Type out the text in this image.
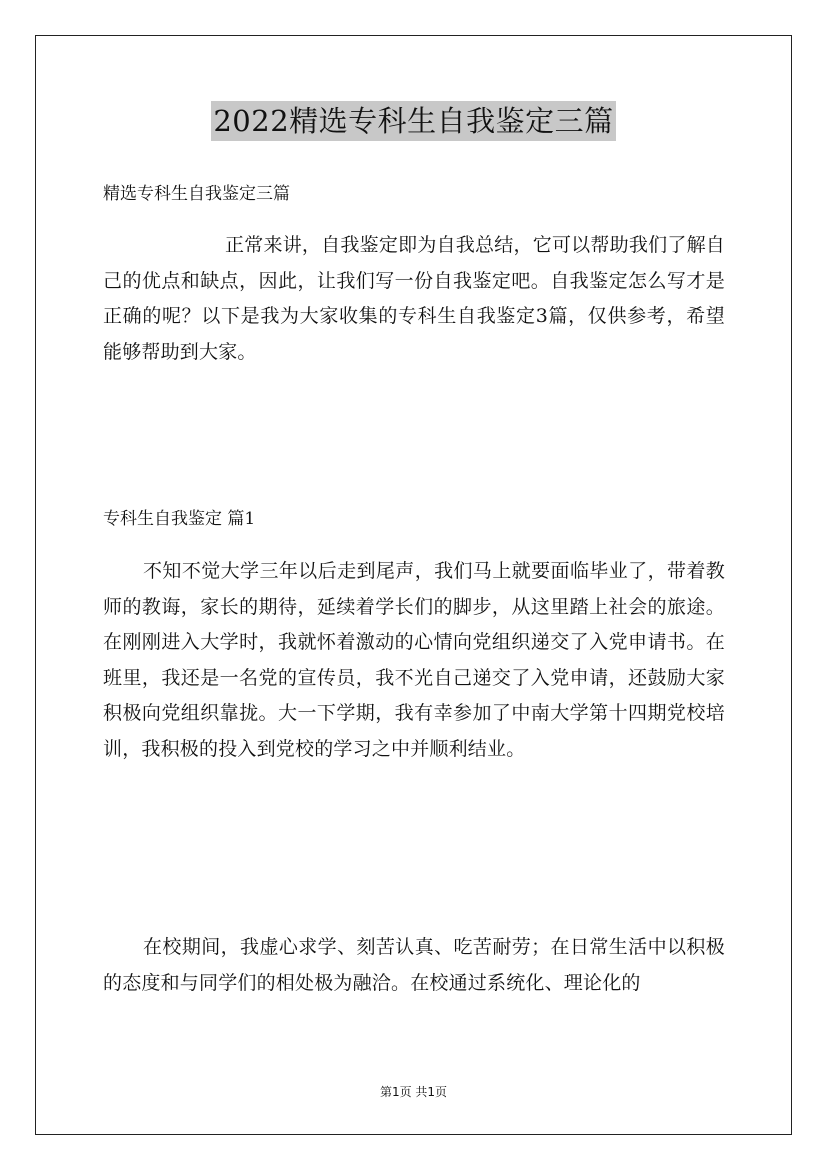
2022精选专科生自我鉴定三篇
精选专科生自我鉴定三篇
正常来讲，自我鉴定即为自我总结，它可以帮助我们了解自己的优点和缺点，因此，让我们写一份自我鉴定吧。自我鉴定怎么写才是正确的呢？以下是我为大家收集的专科生自我鉴定3篇，仅供参考，希望能够帮助到大家。
专科生自我鉴定 篇1
不知不觉大学三年以后走到尾声，我们马上就要面临毕业了，带着教师的教诲，家长的期待，延续着学长们的脚步，从这里踏上社会的旅途。在刚刚进入大学时，我就怀着激动的心情向党组织递交了入党申请书。在班里，我还是一名党的宣传员，我不光自己递交了入党申请，还鼓励大家积极向党组织靠拢。大一下学期，我有幸参加了中南大学第十四期党校培训，我积极的投入到党校的学习之中并顺利结业。
在校期间，我虚心求学、刻苦认真、吃苦耐劳；在日常生活中以积极的态度和与同学们的相处极为融洽。在校通过系统化、理论化的
第1页 共1页
